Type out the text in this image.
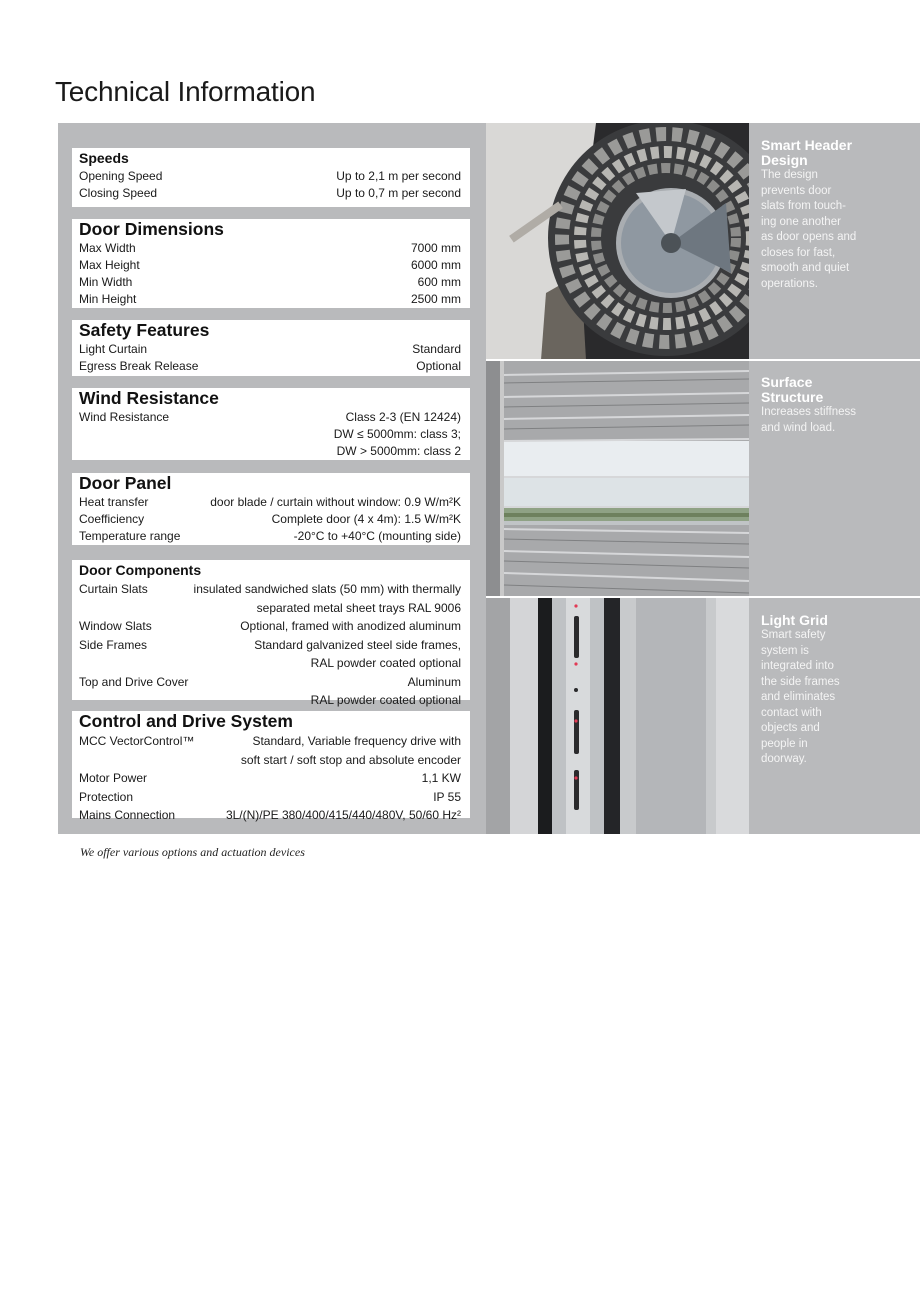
Technical Information
Speeds
Opening Speed	Up to 2,1 m per second
Closing Speed	Up to 0,7 m per second
Door Dimensions
Max Width	7000 mm
Max Height	6000 mm
Min Width	600 mm
Min Height	2500 mm
Safety Features
Light Curtain	Standard
Egress Break Release	Optional
Wind Resistance
Wind Resistance	Class 2-3 (EN 12424)
DW ≤ 5000mm: class 3;
DW > 5000mm: class 2
Door Panel
Heat transfer	door blade / curtain without window: 0.9 W/m²K
Coefficiency	Complete door (4 x 4m): 1.5 W/m²K
Temperature range	-20°C to +40°C (mounting side)
Door Components
Curtain Slats	insulated sandwiched slats (50 mm) with thermally
separated metal sheet trays RAL 9006
Window Slats	Optional, framed with anodized aluminum
Side Frames	Standard galvanized steel side frames,
RAL powder coated optional
Top and Drive Cover	Aluminum
RAL powder coated optional
Control and Drive System
MCC VectorControl™	Standard, Variable frequency drive with
soft start / soft stop and absolute encoder
Motor Power	1,1 KW
Protection	IP 55
Mains Connection	3L/(N)/PE 380/400/415/440/480V, 50/60 Hz²
Smart Header
Design
The design
prevents door
slats from touch-
ing one another
as door opens and
closes for fast,
smooth and quiet
operations.
Surface
Structure
Increases stiffness
and wind load.
Light Grid
Smart safety
system is
integrated into
the side frames
and eliminates
contact with
objects and
people in
doorway.

We offer various options and actuation devices
